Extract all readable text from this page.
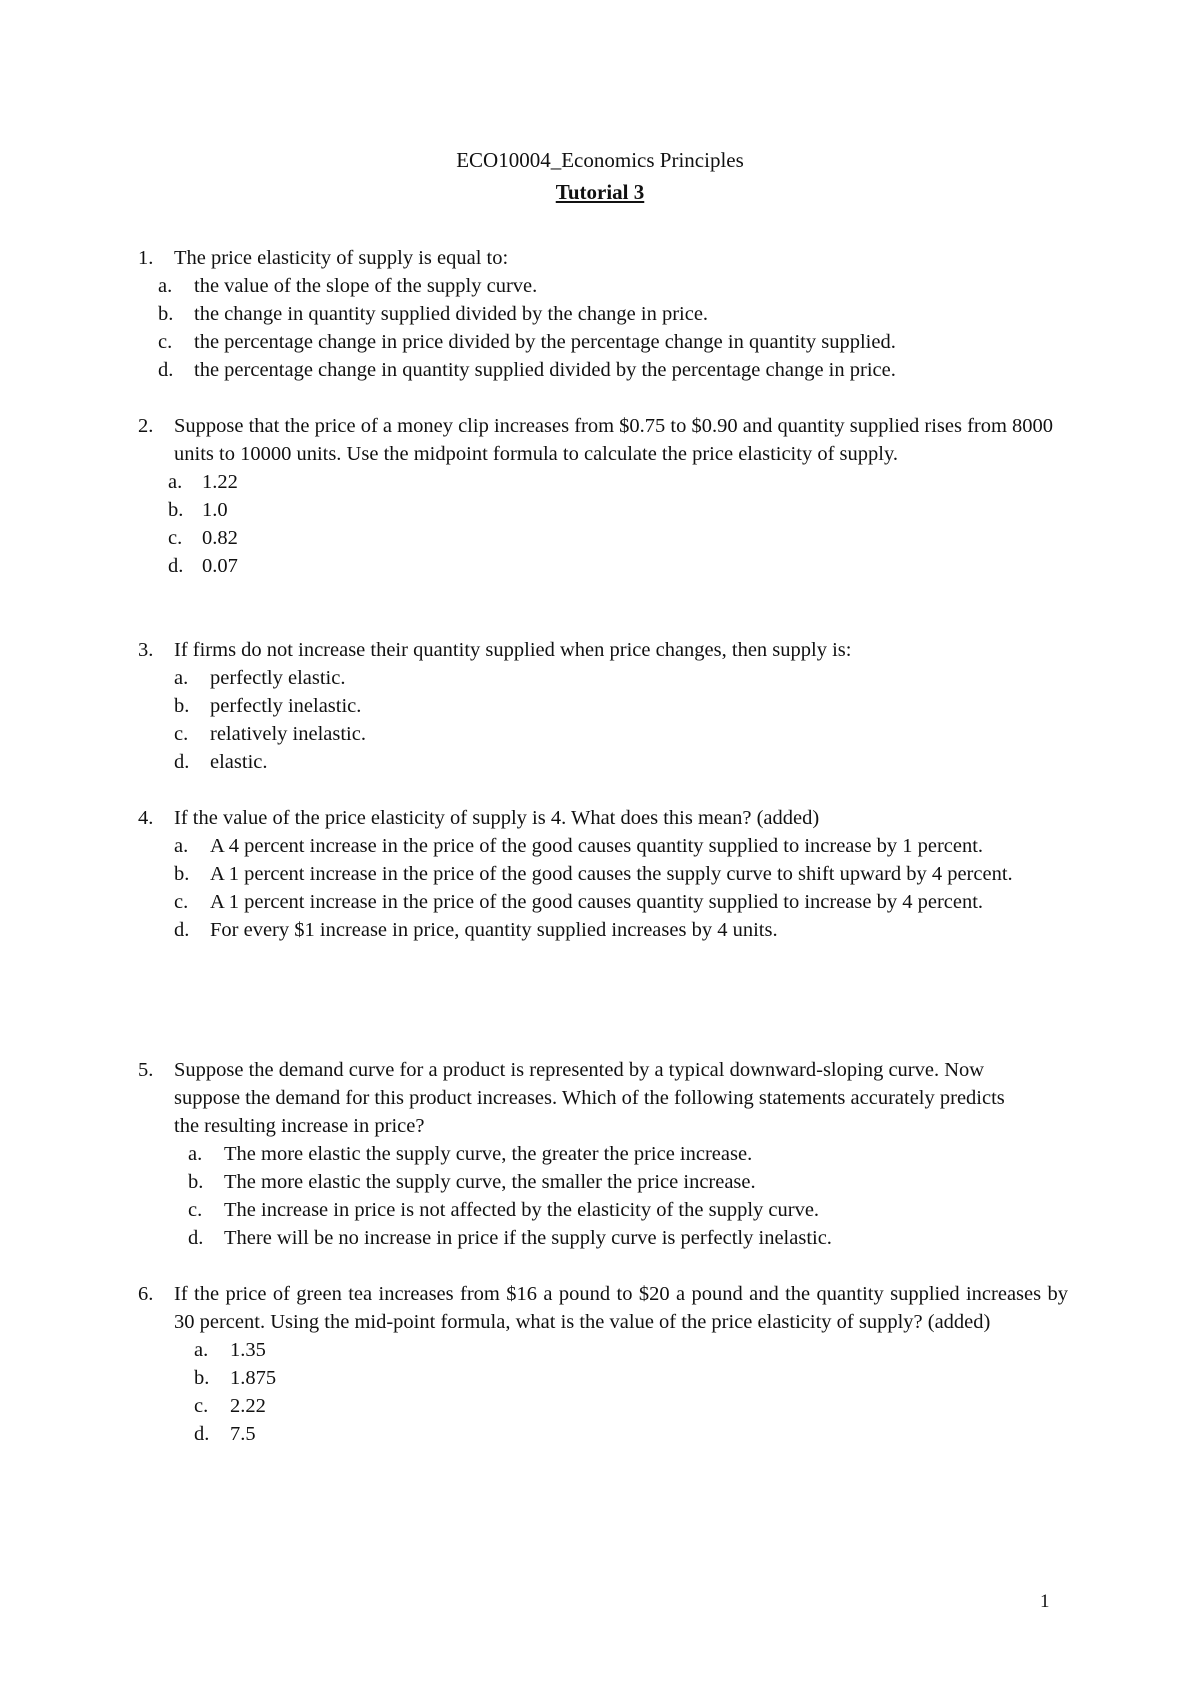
ECO10004_Economics Principles
Tutorial 3
1. The price elasticity of supply is equal to:
a. the value of the slope of the supply curve.
b. the change in quantity supplied divided by the change in price.
c. the percentage change in price divided by the percentage change in quantity supplied.
d. the percentage change in quantity supplied divided by the percentage change in price.
2. Suppose that the price of a money clip increases from $0.75 to $0.90 and quantity supplied rises from 8000 units to 10000 units. Use the midpoint formula to calculate the price elasticity of supply.
a. 1.22
b. 1.0
c. 0.82
d. 0.07
3. If firms do not increase their quantity supplied when price changes, then supply is:
a. perfectly elastic.
b. perfectly inelastic.
c. relatively inelastic.
d. elastic.
4. If the value of the price elasticity of supply is 4. What does this mean? (added)
a. A 4 percent increase in the price of the good causes quantity supplied to increase by 1 percent.
b. A 1 percent increase in the price of the good causes the supply curve to shift upward by 4 percent.
c. A 1 percent increase in the price of the good causes quantity supplied to increase by 4 percent.
d. For every $1 increase in price, quantity supplied increases by 4 units.
5. Suppose the demand curve for a product is represented by a typical downward-sloping curve. Now suppose the demand for this product increases. Which of the following statements accurately predicts the resulting increase in price?
a. The more elastic the supply curve, the greater the price increase.
b. The more elastic the supply curve, the smaller the price increase.
c. The increase in price is not affected by the elasticity of the supply curve.
d. There will be no increase in price if the supply curve is perfectly inelastic.
6. If the price of green tea increases from $16 a pound to $20 a pound and the quantity supplied increases by 30 percent. Using the mid-point formula, what is the value of the price elasticity of supply? (added)
a. 1.35
b. 1.875
c. 2.22
d. 7.5
1
